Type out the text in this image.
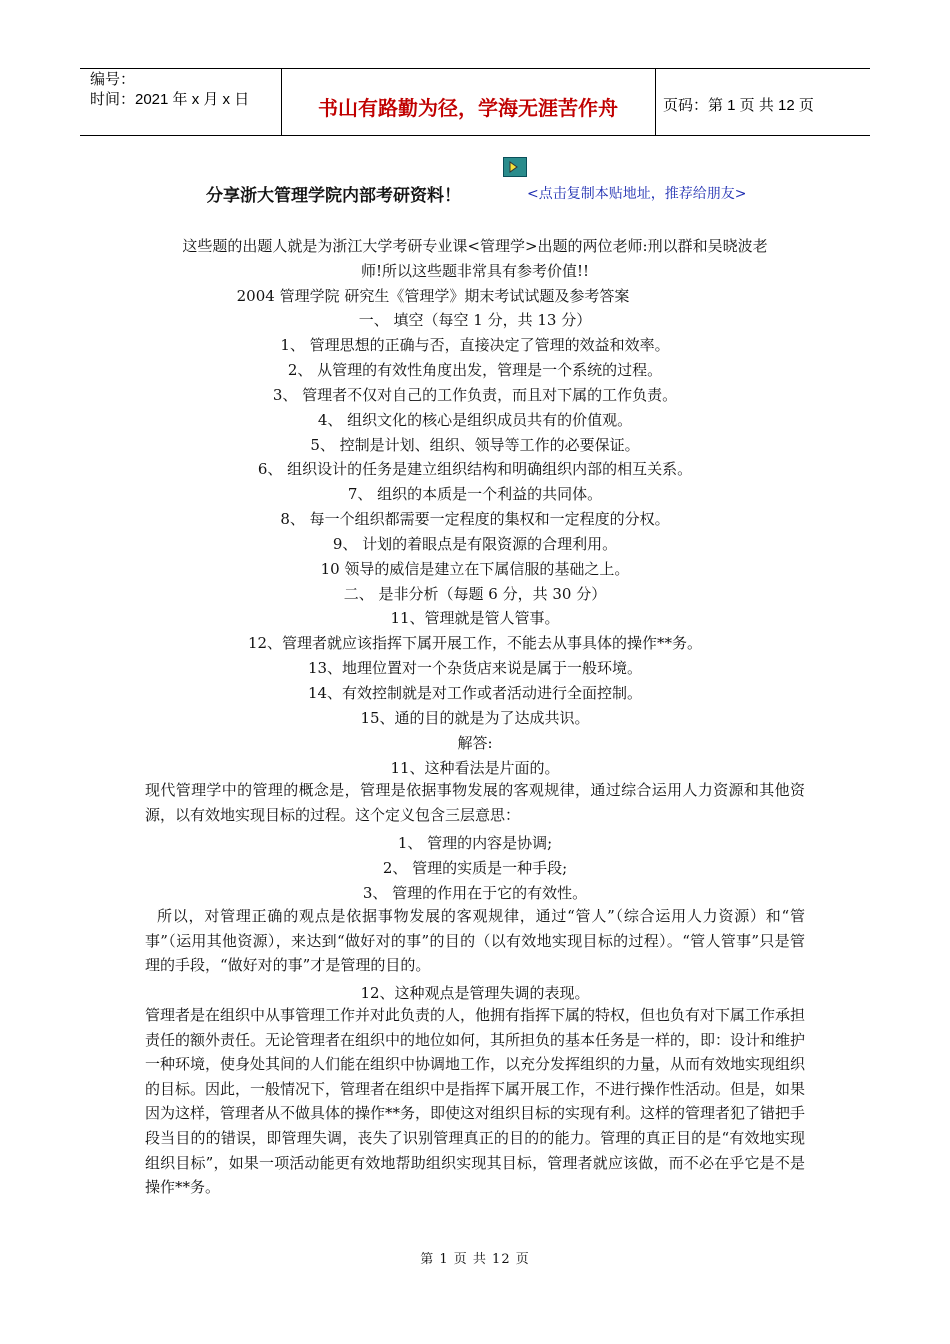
编号：
时间：2021 年 x 月 x 日	书山有路勤为径，学海无涯苦作舟	页码：第 1 页 共 12 页
分享浙大管理学院内部考研资料！	<点击复制本贴地址，推荐给朋友>
这些题的出题人就是为浙江大学考研专业课<管理学>出题的两位老师:刑以群和吴晓波老
师!所以这些题非常具有参考价值!!
2004 管理学院 研究生《管理学》期末考试试题及参考答案
一、 填空（每空 1 分，共 13 分）
1、 管理思想的正确与否，直接决定了管理的效益和效率。
2、 从管理的有效性角度出发，管理是一个系统的过程。
3、 管理者不仅对自己的工作负责，而且对下属的工作负责。
4、 组织文化的核心是组织成员共有的价值观。
5、 控制是计划、组织、领导等工作的必要保证。
6、 组织设计的任务是建立组织结构和明确组织内部的相互关系。
7、 组织的本质是一个利益的共同体。
8、 每一个组织都需要一定程度的集权和一定程度的分权。
9、 计划的着眼点是有限资源的合理利用。
10 领导的威信是建立在下属信服的基础之上。
二、 是非分析（每题 6 分，共 30 分）
11、管理就是管人管事。
12、管理者就应该指挥下属开展工作，不能去从事具体的操作**务。
13、地理位置对一个杂货店来说是属于一般环境。
14、有效控制就是对工作或者活动进行全面控制。
15、通的目的就是为了达成共识。
解答:
11、这种看法是片面的。
现代管理学中的管理的概念是，管理是依据事物发展的客观规律，通过综合运用人力资源和其他资源，以有效地实现目标的过程。这个定义包含三层意思：
1、 管理的内容是协调;
2、 管理的实质是一种手段;
3、 管理的作用在于它的有效性。
所以，对管理正确的观点是依据事物发展的客观规律，通过“管人”（综合运用人力资源）和“管事”（运用其他资源），来达到“做好对的事”的目的（以有效地实现目标的过程）。“管人管事”只是管理的手段，“做好对的事”才是管理的目的。
12、这种观点是管理失调的表现。
管理者是在组织中从事管理工作并对此负责的人，他拥有指挥下属的特权，但也负有对下属工作承担责任的额外责任。无论管理者在组织中的地位如何，其所担负的基本任务是一样的，即：设计和维护一种环境，使身处其间的人们能在组织中协调地工作，以充分发挥组织的力量，从而有效地实现组织的目标。因此，一般情况下，管理者在组织中是指挥下属开展工作，不进行操作性活动。但是，如果因为这样，管理者从不做具体的操作**务，即使这对组织目标的实现有利。这样的管理者犯了错把手段当目的的错误，即管理失调，丧失了识别管理真正的目的的能力。管理的真正目的是“有效地实现组织目标”，如果一项活动能更有效地帮助组织实现其目标，管理者就应该做，而不必在乎它是不是操作**务。
第 1 页 共 12 页
